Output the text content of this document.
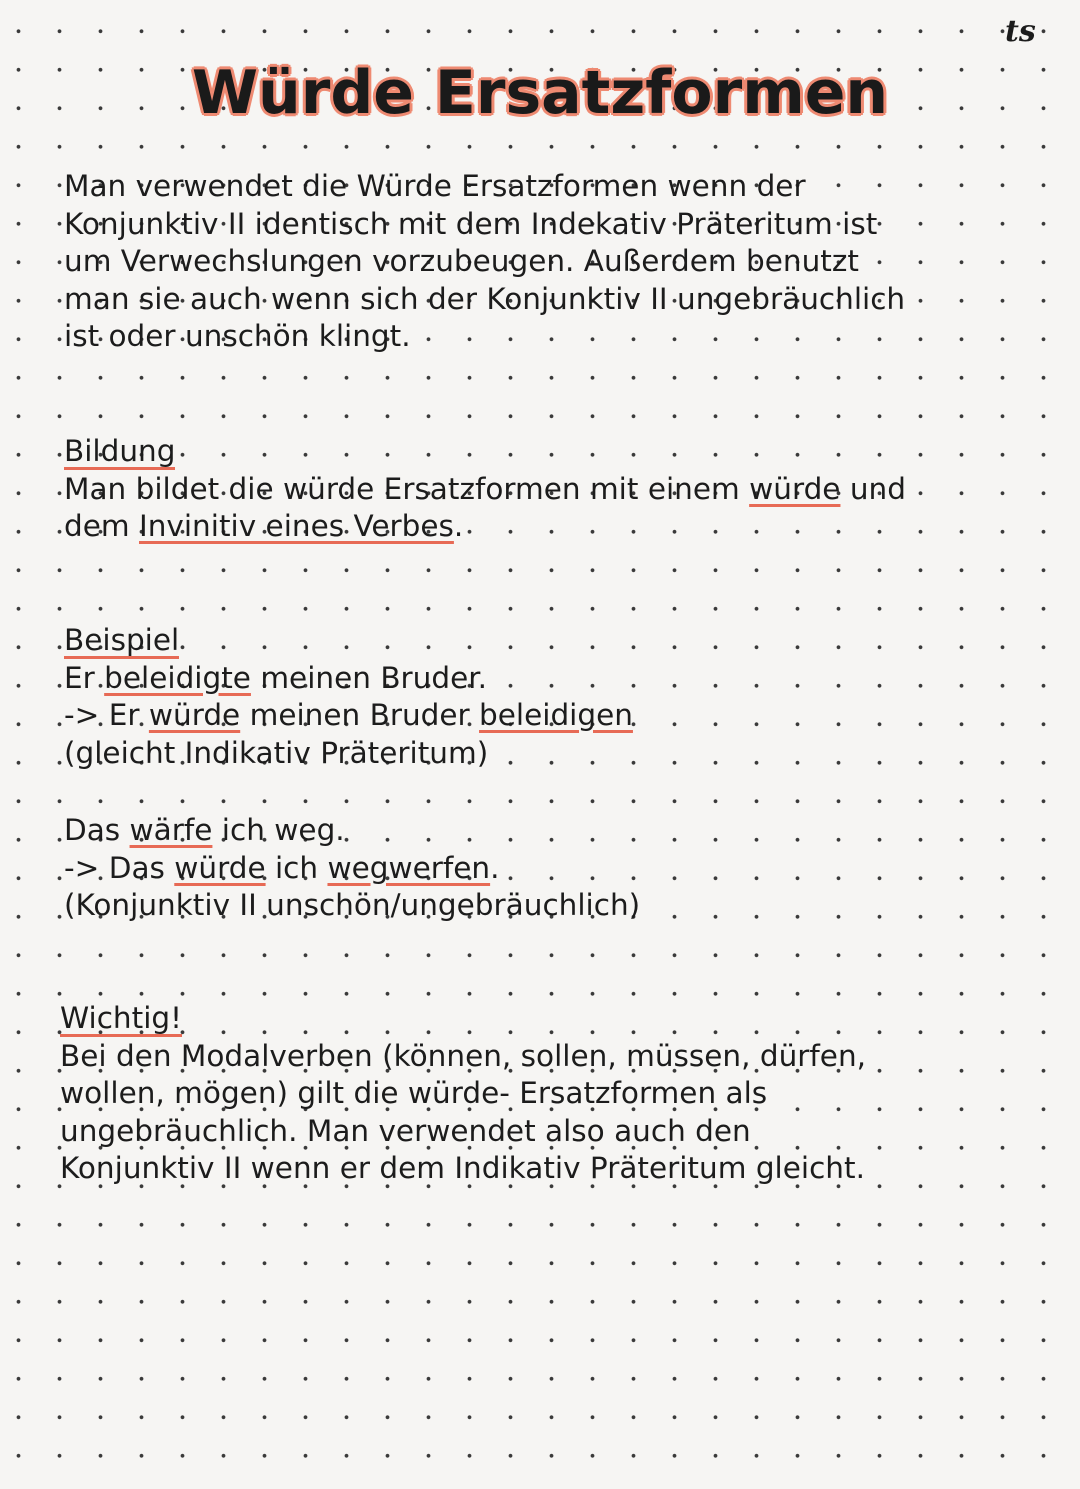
ts
Würde Ersatzformen
Man verwendet die Würde Ersatzformen wenn der
Konjunktiv II identisch mit dem Indekativ Präteritum ist
um Verwechslungen vorzubeugen. Außerdem benutzt
man sie auch wenn sich der Konjunktiv II ungebräuchlich
ist oder unschön klingt.
Bildung
Man bildet die würde Ersatzformen mit einem würde und
dem Invinitiv eines Verbes.
Beispiel
Er beleidigte meinen Bruder.
-> Er würde meinen Bruder beleidigen
(gleicht Indikativ Präteritum)
Das wärfe ich weg.
-> Das würde ich wegwerfen.
(Konjunktiv II unschön/ungebräuchlich)
Wichtig!
Bei den Modalverben (können, sollen, müssen, dürfen,
wollen, mögen) gilt die würde- Ersatzformen als
ungebräuchlich. Man verwendet also auch den
Konjunktiv II wenn er dem Indikativ Präteritum gleicht.
